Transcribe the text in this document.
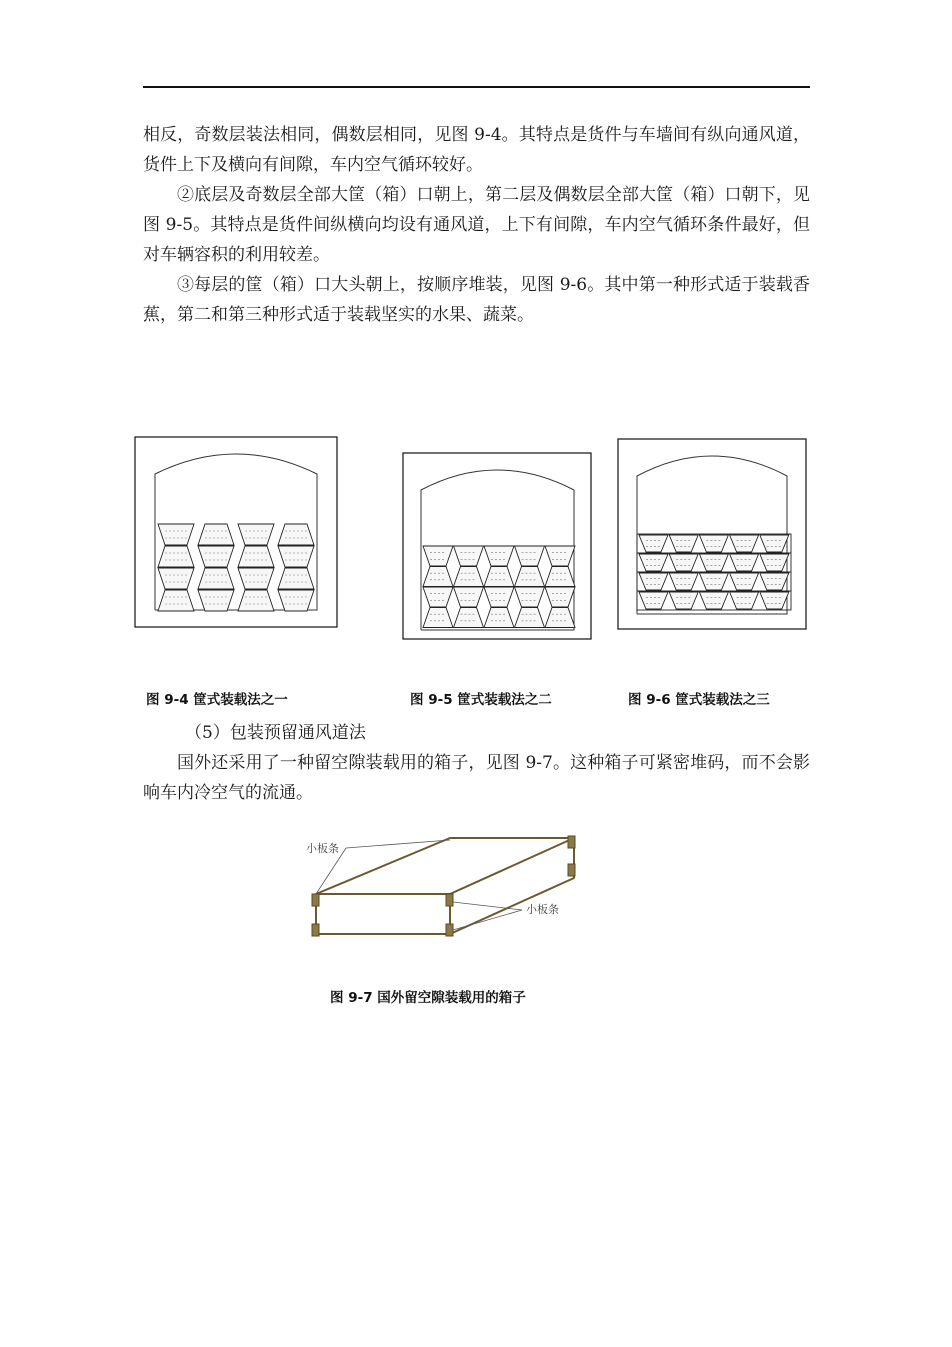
相反，奇数层装法相同，偶数层相同，见图 9-4。其特点是货件与车墙间有纵向通风道，货件上下及横向有间隙，车内空气循环较好。

②底层及奇数层全部大筐（箱）口朝上，第二层及偶数层全部大筐（箱）口朝下，见图 9-5。其特点是货件间纵横向均设有通风道，上下有间隙，车内空气循环条件最好，但对车辆容积的利用较差。

③每层的筐（箱）口大头朝上，按顺序堆装，见图 9-6。其中第一种形式适于装载香蕉，第二和第三种形式适于装载坚实的水果、蔬菜。

图 9-4 筐式装载法之一	图 9-5 筐式装载法之二	图 9-6 筐式装载法之三

（5）包装预留通风道法

国外还采用了一种留空隙装载用的箱子，见图 9-7。这种箱子可紧密堆码，而不会影响车内冷空气的流通。

小板条
小板条
图 9-7 国外留空隙装载用的箱子
